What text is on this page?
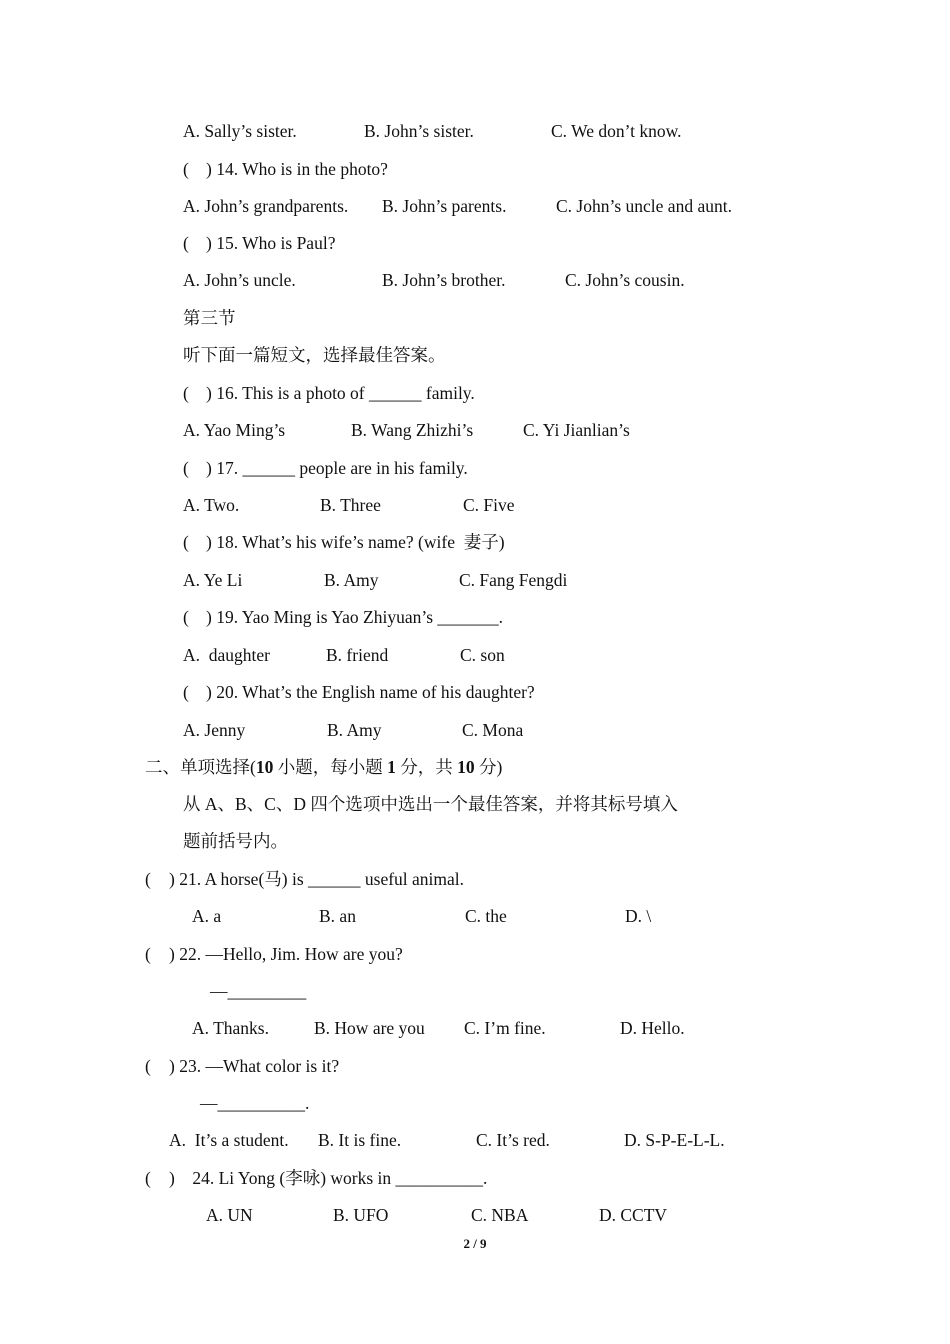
A. Sally’s sister.	B. John’s sister.	C. We don’t know.
( ) 14. Who is in the photo?
A. John’s grandparents. B. John’s parents.	C. John’s uncle and aunt.
( ) 15. Who is Paul?
A. John’s uncle.	B. John’s brother.	C. John’s cousin.
第三节
听下面一篇短文，选择最佳答案。
( ) 16. This is a photo of ______ family.
A. Yao Ming’s	B. Wang Zhizhi’s	C. Yi Jianlian’s
( ) 17. ______ people are in his family.
A. Two.	B. Three	C. Five
( ) 18. What’s his wife’s name? (wife  妻子)
A. Ye Li	B. Amy	C. Fang Fengdi
( ) 19. Yao Ming is Yao Zhiyuan’s _______.
A.  daughter	B. friend	C. son
( ) 20. What’s the English name of his daughter?
A. Jenny	B. Amy	C. Mona
二、单项选择(10 小题，每小题 1 分，共 10 分)
从 A、B、C、D 四个选项中选出一个最佳答案，并将其标号填入
题前括号内。
( ) 21. A horse(马) is ______ useful animal.
A. a	B. an	C. the	D. \
( ) 22. —Hello, Jim. How are you?
—_________
A. Thanks.	B. How are you C. I’m fine.	D. Hello.
( ) 23. —What color is it?
—__________.
A.  It’s a student. B. It is fine.	C. It’s red.	D. S-P-E-L-L.
( )    24. Li Yong (李咏) works in __________.
A. UN	B. UFO	C. NBA	D. CCTV
2 / 9
